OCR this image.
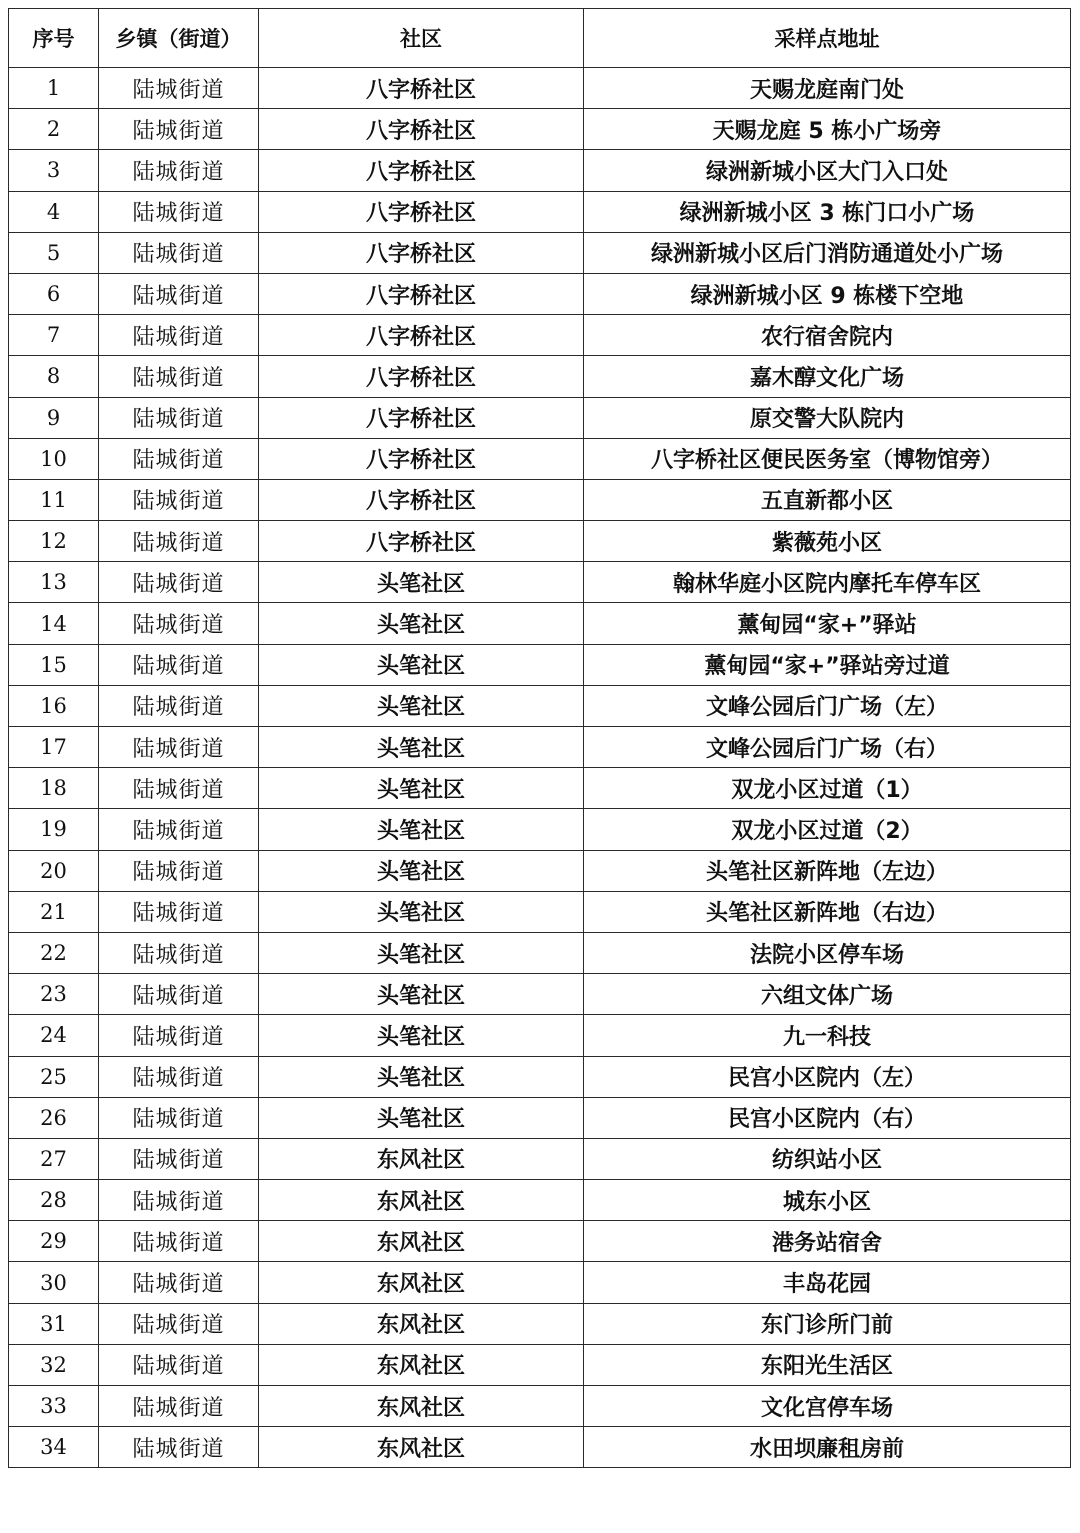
序号	乡镇（街道）	社区	采样点地址
1	陆城街道	八字桥社区	天赐龙庭南门处
2	陆城街道	八字桥社区	天赐龙庭 5 栋小广场旁
3	陆城街道	八字桥社区	绿洲新城小区大门入口处
4	陆城街道	八字桥社区	绿洲新城小区 3 栋门口小广场
5	陆城街道	八字桥社区	绿洲新城小区后门消防通道处小广场
6	陆城街道	八字桥社区	绿洲新城小区 9 栋楼下空地
7	陆城街道	八字桥社区	农行宿舍院内
8	陆城街道	八字桥社区	嘉木醇文化广场
9	陆城街道	八字桥社区	原交警大队院内
10	陆城街道	八字桥社区	八字桥社区便民医务室（博物馆旁）
11	陆城街道	八字桥社区	五直新都小区
12	陆城街道	八字桥社区	紫薇苑小区
13	陆城街道	头笔社区	翰林华庭小区院内摩托车停车区
14	陆城街道	头笔社区	薰甸园“家+”驿站
15	陆城街道	头笔社区	薰甸园“家+”驿站旁过道
16	陆城街道	头笔社区	文峰公园后门广场（左）
17	陆城街道	头笔社区	文峰公园后门广场（右）
18	陆城街道	头笔社区	双龙小区过道（1）
19	陆城街道	头笔社区	双龙小区过道（2）
20	陆城街道	头笔社区	头笔社区新阵地（左边）
21	陆城街道	头笔社区	头笔社区新阵地（右边）
22	陆城街道	头笔社区	法院小区停车场
23	陆城街道	头笔社区	六组文体广场
24	陆城街道	头笔社区	九一科技
25	陆城街道	头笔社区	民宫小区院内（左）
26	陆城街道	头笔社区	民宫小区院内（右）
27	陆城街道	东风社区	纺织站小区
28	陆城街道	东风社区	城东小区
29	陆城街道	东风社区	港务站宿舍
30	陆城街道	东风社区	丰岛花园
31	陆城街道	东风社区	东门诊所门前
32	陆城街道	东风社区	东阳光生活区
33	陆城街道	东风社区	文化宫停车场
34	陆城街道	东风社区	水田坝廉租房前
